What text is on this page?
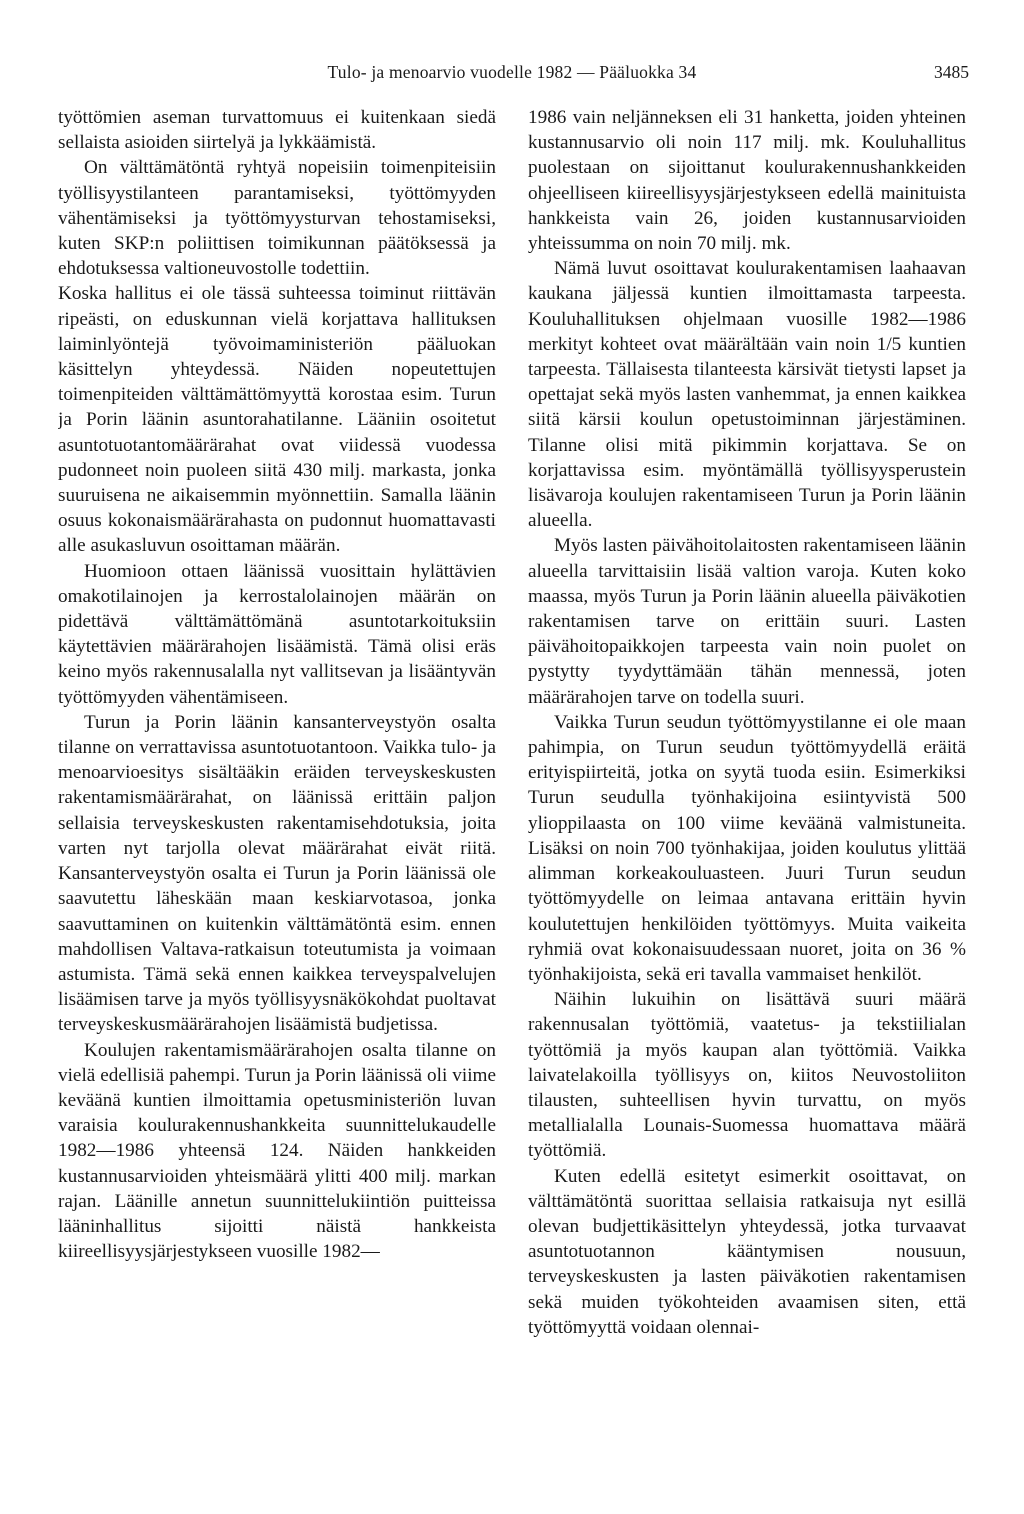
Tulo- ja menoarvio vuodelle 1982 — Pääluokka 34	3485

työttömien aseman turvattomuus ei kuitenkaan siedä sellaista asioiden siirtelyä ja lykkäämistä.

On välttämätöntä ryhtyä nopeisiin toimenpiteisiin työllisyystilanteen parantamiseksi, työttömyyden vähentämiseksi ja työttömyysturvan tehostamiseksi, kuten SKP:n poliittisen toimikunnan päätöksessä ja ehdotuksessa valtioneuvostolle todettiin.

Koska hallitus ei ole tässä suhteessa toiminut riittävän ripeästi, on eduskunnan vielä korjattava hallituksen laiminlyöntejä työvoimaministeriön pääluokan käsittelyn yhteydessä. Näiden nopeutettujen toimenpiteiden välttämättömyyttä korostaa esim. Turun ja Porin läänin asuntorahatilanne. Lääniin osoitetut asuntotuotantomäärärahat ovat viidessä vuodessa pudonneet noin puoleen siitä 430 milj. markasta, jonka suuruisena ne aikaisemmin myönnettiin. Samalla läänin osuus kokonaismäärärahasta on pudonnut huomattavasti alle asukasluvun osoittaman määrän.

Huomioon ottaen läänissä vuosittain hylättävien omakotilainojen ja kerrostalolainojen määrän on pidettävä välttämättömänä asuntotarkoituksiin käytettävien määrärahojen lisäämistä. Tämä olisi eräs keino myös rakennusalalla nyt vallitsevan ja lisääntyvän työttömyyden vähentämiseen.

Turun ja Porin läänin kansanterveystyön osalta tilanne on verrattavissa asuntotuotantoon. Vaikka tulo- ja menoarvioesitys sisältääkin eräiden terveyskeskusten rakentamismäärärahat, on läänissä erittäin paljon sellaisia terveyskeskusten rakentamisehdotuksia, joita varten nyt tarjolla olevat määrärahat eivät riitä. Kansanterveystyön osalta ei Turun ja Porin läänissä ole saavutettu läheskään maan keskiarvotasoa, jonka saavuttaminen on kuitenkin välttämätöntä esim. ennen mahdollisen Valtava-ratkaisun toteutumista ja voimaan astumista. Tämä sekä ennen kaikkea terveyspalvelujen lisäämisen tarve ja myös työllisyysnäkökohdat puoltavat terveyskeskusmäärärahojen lisäämistä budjetissa.

Koulujen rakentamismäärärahojen osalta tilanne on vielä edellisiä pahempi. Turun ja Porin läänissä oli viime keväänä kuntien ilmoittamia opetusministeriön luvan varaisia koulurakennushankkeita suunnittelukaudelle 1982—1986 yhteensä 124. Näiden hankkeiden kustannusarvioiden yhteismäärä ylitti 400 milj. markan rajan. Läänille annetun suunnittelukiintiön puitteissa lääninhallitus sijoitti näistä hankkeista kiireellisyysjärjestykseen vuosille 1982—

1986 vain neljänneksen eli 31 hanketta, joiden yhteinen kustannusarvio oli noin 117 milj. mk. Kouluhallitus puolestaan on sijoittanut koulurakennushankkeiden ohjeelliseen kiireellisyysjärjestykseen edellä mainituista hankkeista vain 26, joiden kustannusarvioiden yhteissumma on noin 70 milj. mk.

Nämä luvut osoittavat koulurakentamisen laahaavan kaukana jäljessä kuntien ilmoittamasta tarpeesta. Kouluhallituksen ohjelmaan vuosille 1982—1986 merkityt kohteet ovat määrältään vain noin 1/5 kuntien tarpeesta. Tällaisesta tilanteesta kärsivät tietysti lapset ja opettajat sekä myös lasten vanhemmat, ja ennen kaikkea siitä kärsii koulun opetustoiminnan järjestäminen. Tilanne olisi mitä pikimmin korjattava. Se on korjattavissa esim. myöntämällä työllisyysperustein lisävaroja koulujen rakentamiseen Turun ja Porin läänin alueella.

Myös lasten päivähoitolaitosten rakentamiseen läänin alueella tarvittaisiin lisää valtion varoja. Kuten koko maassa, myös Turun ja Porin läänin alueella päiväkotien rakentamisen tarve on erittäin suuri. Lasten päivähoitopaikkojen tarpeesta vain noin puolet on pystytty tyydyttämään tähän mennessä, joten määrärahojen tarve on todella suuri.

Vaikka Turun seudun työttömyystilanne ei ole maan pahimpia, on Turun seudun työttömyydellä eräitä erityispiirteitä, jotka on syytä tuoda esiin. Esimerkiksi Turun seudulla työnhakijoina esiintyvistä 500 ylioppilaasta on 100 viime keväänä valmistuneita. Lisäksi on noin 700 työnhakijaa, joiden koulutus ylittää alimman korkeakouluasteen. Juuri Turun seudun työttömyydelle on leimaa antavana erittäin hyvin koulutettujen henkilöiden työttömyys. Muita vaikeita ryhmiä ovat kokonaisuudessaan nuoret, joita on 36 % työnhakijoista, sekä eri tavalla vammaiset henkilöt.

Näihin lukuihin on lisättävä suuri määrä rakennusalan työttömiä, vaatetus- ja tekstiilialan työttömiä ja myös kaupan alan työttömiä. Vaikka laivatelakoilla työllisyys on, kiitos Neuvostoliiton tilausten, suhteellisen hyvin turvattu, on myös metallialalla Lounais-Suomessa huomattava määrä työttömiä.

Kuten edellä esitetyt esimerkit osoittavat, on välttämätöntä suorittaa sellaisia ratkaisuja nyt esillä olevan budjettikäsittelyn yhteydessä, jotka turvaavat asuntotuotannon kääntymisen nousuun, terveyskeskusten ja lasten päiväkotien rakentamisen sekä muiden työkohteiden avaamisen siten, että työttömyyttä voidaan olennai-
